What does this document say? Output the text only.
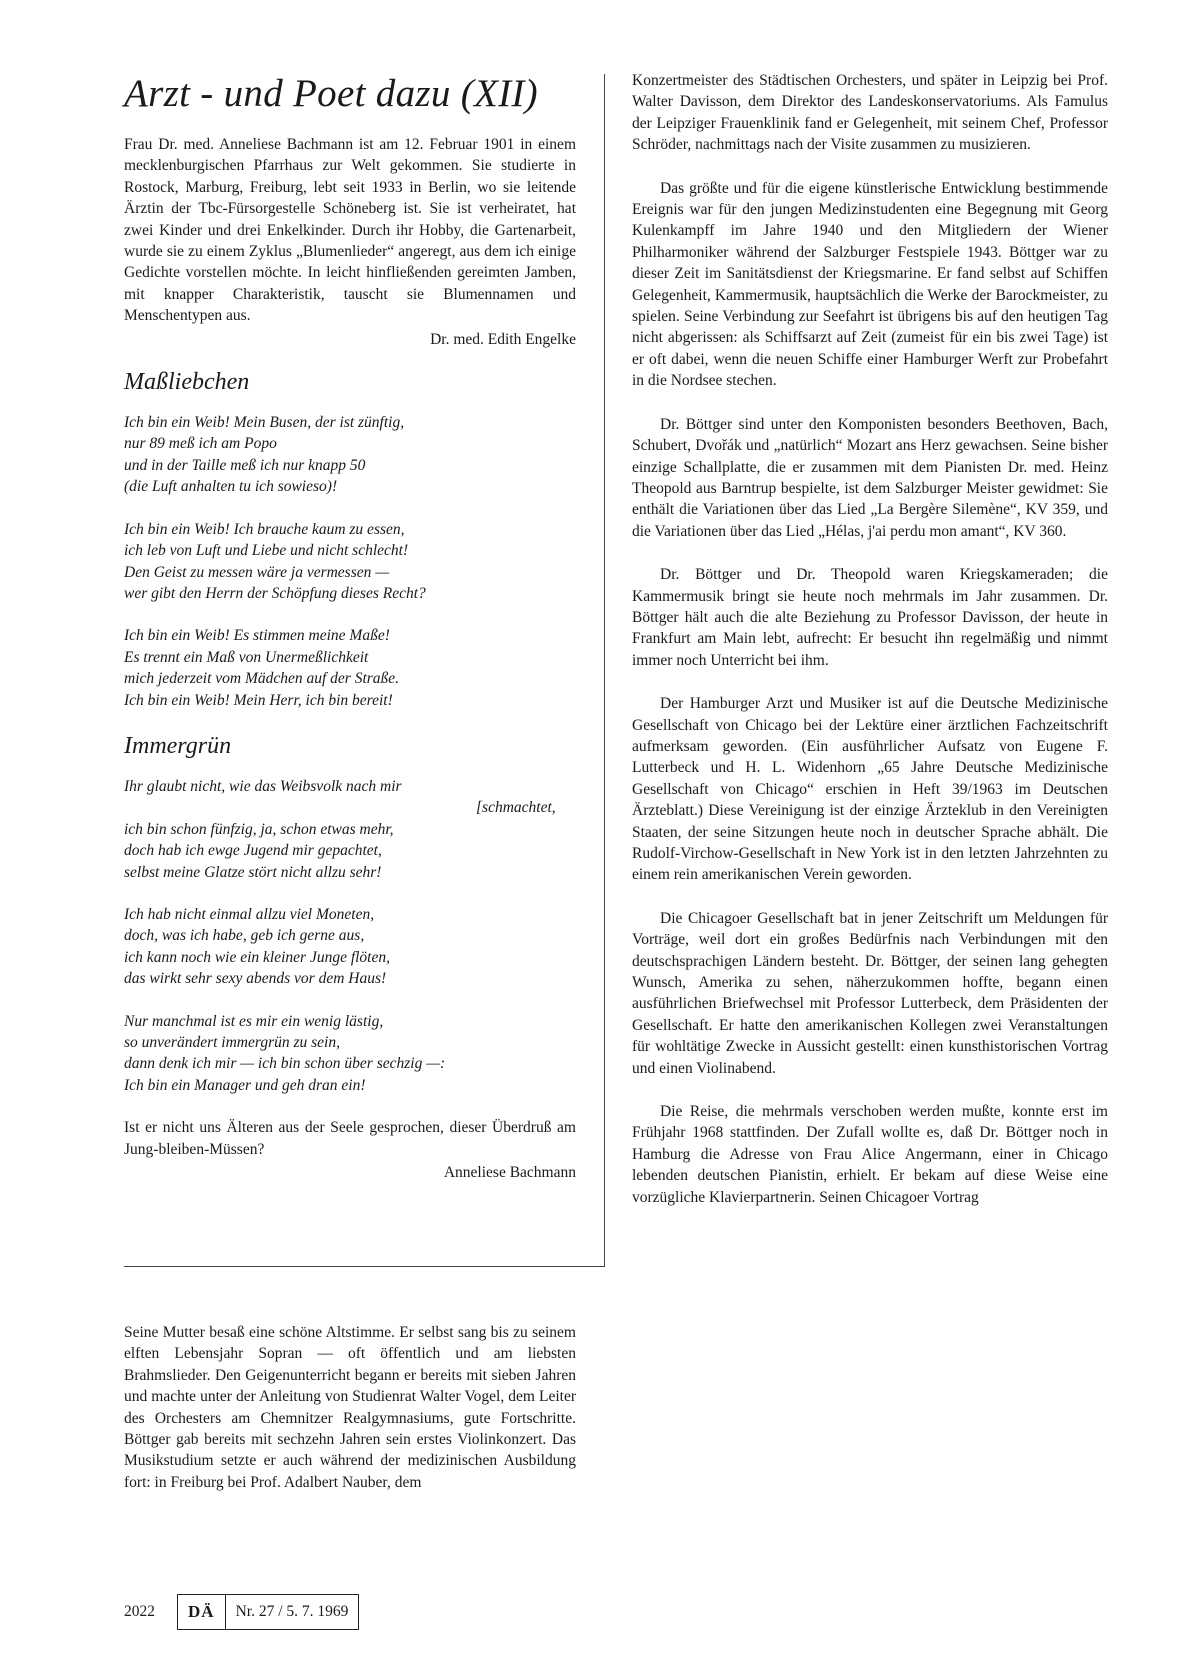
Arzt - und Poet dazu (XII)

Frau Dr. med. Anneliese Bachmann ist am 12. Februar 1901 in einem mecklenburgischen Pfarrhaus zur Welt gekommen. Sie studierte in Rostock, Marburg, Freiburg, lebt seit 1933 in Berlin, wo sie leitende Ärztin der Tbc-Fürsorgestelle Schöneberg ist. Sie ist verheiratet, hat zwei Kinder und drei Enkelkinder. Durch ihr Hobby, die Gartenarbeit, wurde sie zu einem Zyklus „Blumenlieder“ angeregt, aus dem ich einige Gedichte vorstellen möchte. In leicht hinfließenden gereimten Jamben, mit knapper Charakteristik, tauscht sie Blumennamen und Menschentypen aus.

Dr. med. Edith Engelke

Maßliebchen
Ich bin ein Weib! Mein Busen, der ist zünftig,
nur 89 meß ich am Popo
und in der Taille meß ich nur knapp 50
(die Luft anhalten tu ich sowieso)!
Ich bin ein Weib! Ich brauche kaum zu essen,
ich leb von Luft und Liebe und nicht schlecht!
Den Geist zu messen wäre ja vermessen —
wer gibt den Herrn der Schöpfung dieses Recht?
Ich bin ein Weib! Es stimmen meine Maße!
Es trennt ein Maß von Unermeßlichkeit
mich jederzeit vom Mädchen auf der Straße.
Ich bin ein Weib! Mein Herr, ich bin bereit!
Immergrün
Ihr glaubt nicht, wie das Weibsvolk nach mir
[schmachtet,
ich bin schon fünfzig, ja, schon etwas mehr,
doch hab ich ewge Jugend mir gepachtet,
selbst meine Glatze stört nicht allzu sehr!
Ich hab nicht einmal allzu viel Moneten,
doch, was ich habe, geb ich gerne aus,
ich kann noch wie ein kleiner Junge flöten,
das wirkt sehr sexy abends vor dem Haus!
Nur manchmal ist es mir ein wenig lästig,
so unverändert immergrün zu sein,
dann denk ich mir — ich bin schon über sechzig —:
Ich bin ein Manager und geh dran ein!

Ist er nicht uns Älteren aus der Seele gesprochen, dieser Überdruß am Jung-bleiben-Müssen?

Anneliese Bachmann

Seine Mutter besaß eine schöne Altstimme. Er selbst sang bis zu seinem elften Lebensjahr Sopran — oft öffentlich und am liebsten Brahmslieder. Den Geigenunterricht begann er bereits mit sieben Jahren und machte unter der Anleitung von Studienrat Walter Vogel, dem Leiter des Orchesters am Chemnitzer Realgymnasiums, gute Fortschritte. Böttger gab bereits mit sechzehn Jahren sein erstes Violinkonzert. Das Musikstudium setzte er auch während der medizinischen Ausbildung fort: in Freiburg bei Prof. Adalbert Nauber, dem

Konzertmeister des Städtischen Orchesters, und später in Leipzig bei Prof. Walter Davisson, dem Direktor des Landeskonservatoriums. Als Famulus der Leipziger Frauenklinik fand er Gelegenheit, mit seinem Chef, Professor Schröder, nachmittags nach der Visite zusammen zu musizieren.

Das größte und für die eigene künstlerische Entwicklung bestimmende Ereignis war für den jungen Medizinstudenten eine Begegnung mit Georg Kulenkampff im Jahre 1940 und den Mitgliedern der Wiener Philharmoniker während der Salzburger Festspiele 1943. Böttger war zu dieser Zeit im Sanitätsdienst der Kriegsmarine. Er fand selbst auf Schiffen Gelegenheit, Kammermusik, hauptsächlich die Werke der Barockmeister, zu spielen. Seine Verbindung zur Seefahrt ist übrigens bis auf den heutigen Tag nicht abgerissen: als Schiffsarzt auf Zeit (zumeist für ein bis zwei Tage) ist er oft dabei, wenn die neuen Schiffe einer Hamburger Werft zur Probefahrt in die Nordsee stechen.

Dr. Böttger sind unter den Komponisten besonders Beethoven, Bach, Schubert, Dvořák und „natürlich“ Mozart ans Herz gewachsen. Seine bisher einzige Schallplatte, die er zusammen mit dem Pianisten Dr. med. Heinz Theopold aus Barntrup bespielte, ist dem Salzburger Meister gewidmet: Sie enthält die Variationen über das Lied „La Bergère Silemène“, KV 359, und die Variationen über das Lied „Hélas, j'ai perdu mon amant“, KV 360.

Dr. Böttger und Dr. Theopold waren Kriegskameraden; die Kammermusik bringt sie heute noch mehrmals im Jahr zusammen. Dr. Böttger hält auch die alte Beziehung zu Professor Davisson, der heute in Frankfurt am Main lebt, aufrecht: Er besucht ihn regelmäßig und nimmt immer noch Unterricht bei ihm.

Der Hamburger Arzt und Musiker ist auf die Deutsche Medizinische Gesellschaft von Chicago bei der Lektüre einer ärztlichen Fachzeitschrift aufmerksam geworden. (Ein ausführlicher Aufsatz von Eugene F. Lutterbeck und H. L. Widenhorn „65 Jahre Deutsche Medizinische Gesellschaft von Chicago“ erschien in Heft 39/1963 im Deutschen Ärzteblatt.) Diese Vereinigung ist der einzige Ärzteklub in den Vereinigten Staaten, der seine Sitzungen heute noch in deutscher Sprache abhält. Die Rudolf-Virchow-Gesellschaft in New York ist in den letzten Jahrzehnten zu einem rein amerikanischen Verein geworden.

Die Chicagoer Gesellschaft bat in jener Zeitschrift um Meldungen für Vorträge, weil dort ein großes Bedürfnis nach Verbindungen mit den deutschsprachigen Ländern besteht. Dr. Böttger, der seinen lang gehegten Wunsch, Amerika zu sehen, näherzukommen hoffte, begann einen ausführlichen Briefwechsel mit Professor Lutterbeck, dem Präsidenten der Gesellschaft. Er hatte den amerikanischen Kollegen zwei Veranstaltungen für wohltätige Zwecke in Aussicht gestellt: einen kunsthistorischen Vortrag und einen Violinabend.

Die Reise, die mehrmals verschoben werden mußte, konnte erst im Frühjahr 1968 stattfinden. Der Zufall wollte es, daß Dr. Böttger noch in Hamburg die Adresse von Frau Alice Angermann, einer in Chicago lebenden deutschen Pianistin, erhielt. Er bekam auf diese Weise eine vorzügliche Klavierpartnerin. Seinen Chicagoer Vortrag

2022	DÄ	Nr. 27 / 5. 7. 1969
